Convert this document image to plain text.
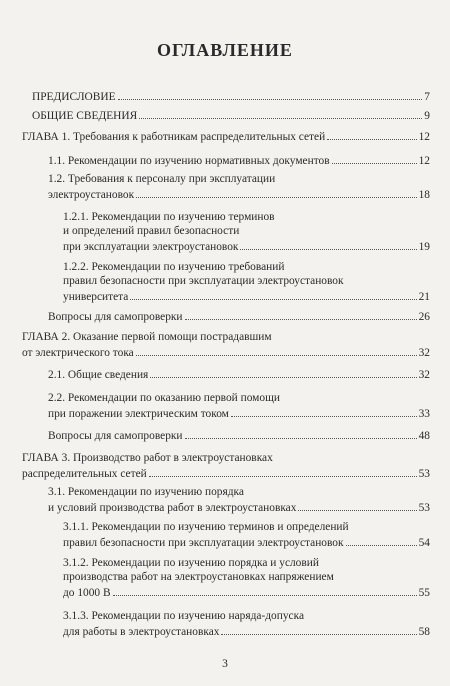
ОГЛАВЛЕНИЕ
ПРЕДИСЛОВИЕ	7
ОБЩИЕ СВЕДЕНИЯ	9
ГЛАВА 1. Требования к работникам распределительных сетей	12
1.1. Рекомендации по изучению нормативных документов	12
1.2. Требования к персоналу при эксплуатации
электроустановок	18
1.2.1. Рекомендации по изучению терминов
и определений правил безопасности
при эксплуатации электроустановок	19
1.2.2. Рекомендации по изучению требований
правил безопасности при эксплуатации электроустановок
университета	21
Вопросы для самопроверки	26
ГЛАВА 2. Оказание первой помощи пострадавшим
от электрического тока	32
2.1. Общие сведения	32
2.2. Рекомендации по оказанию первой помощи
при поражении электрическим током	33
Вопросы для самопроверки	48
ГЛАВА 3. Производство работ в электроустановках
распределительных сетей	53
3.1. Рекомендации по изучению порядка
и условий производства работ в электроустановках	53
3.1.1. Рекомендации по изучению терминов и определений
правил безопасности при эксплуатации электроустановок	54
3.1.2. Рекомендации по изучению порядка и условий
производства работ на электроустановках напряжением
до 1000 В	55
3.1.3. Рекомендации по изучению наряда-допуска
для работы в электроустановках	58
3
